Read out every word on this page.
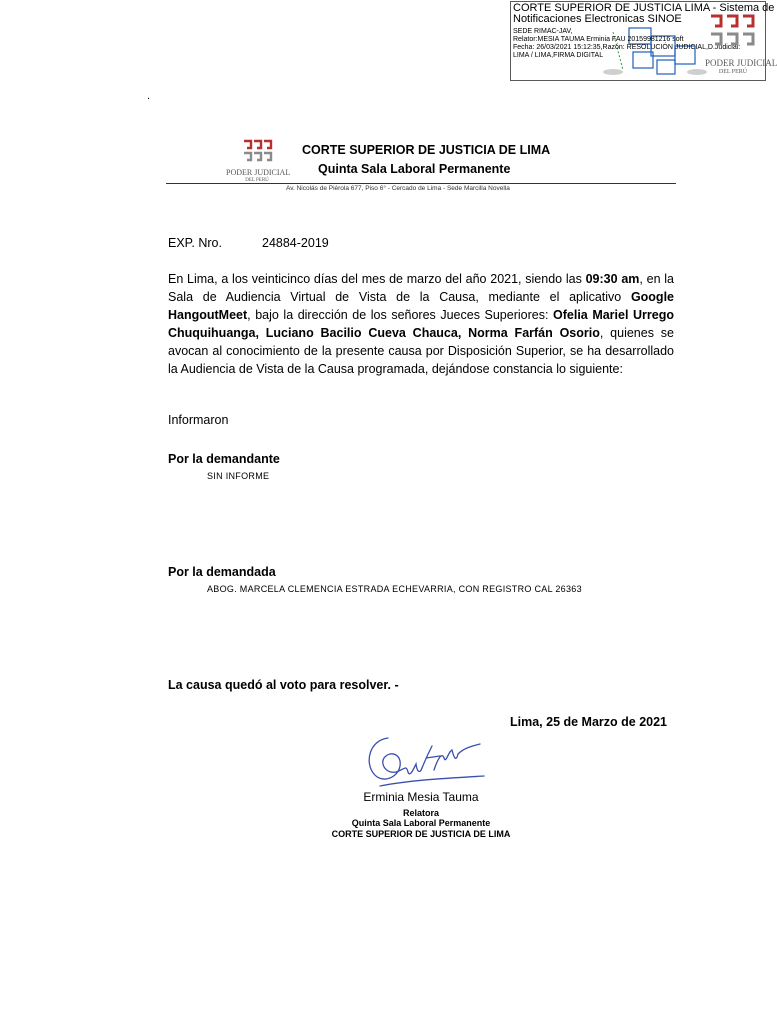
CORTE SUPERIOR DE JUSTICIA LIMA - Sistema de
Notificaciones Electronicas SINOE
SEDE RIMAC-JAV,
Relator:MESIA TAUMA Erminia FAU 20159981216 soft
Fecha: 26/03/2021 15:12:35,Razón: RESOLUCIÓN JUDICIAL,D.Judicial:
LIMA / LIMA,FIRMA DIGITAL
PODER JUDICIAL
DEL PERÚ
.
PODER JUDICIAL
DEL PERÚ
CORTE SUPERIOR DE JUSTICIA DE LIMA
Quinta Sala Laboral Permanente
Av. Nicolás de Piérola 677, Piso 6° - Cercado de Lima - Sede Marcilla Novella
EXP. Nro.	24884-2019
En Lima, a los veinticinco días del mes de marzo del año 2021, siendo las 09:30 am, en la Sala de Audiencia Virtual de Vista de la Causa, mediante el aplicativo Google HangoutMeet, bajo la dirección de los señores Jueces Superiores: Ofelia Mariel Urrego Chuquihuanga, Luciano Bacilio Cueva Chauca, Norma Farfán Osorio, quienes se avocan al conocimiento de la presente causa por Disposición Superior, se ha desarrollado la Audiencia de Vista de la Causa programada, dejándose constancia lo siguiente:
Informaron
Por la demandante
SIN INFORME
Por la demandada
ABOG. MARCELA CLEMENCIA ESTRADA ECHEVARRIA, CON REGISTRO CAL 26363
La causa quedó al voto para resolver. -
Lima, 25 de Marzo de 2021
Erminia Mesia Tauma
Relatora
Quinta Sala Laboral Permanente
CORTE SUPERIOR DE JUSTICIA DE LIMA
